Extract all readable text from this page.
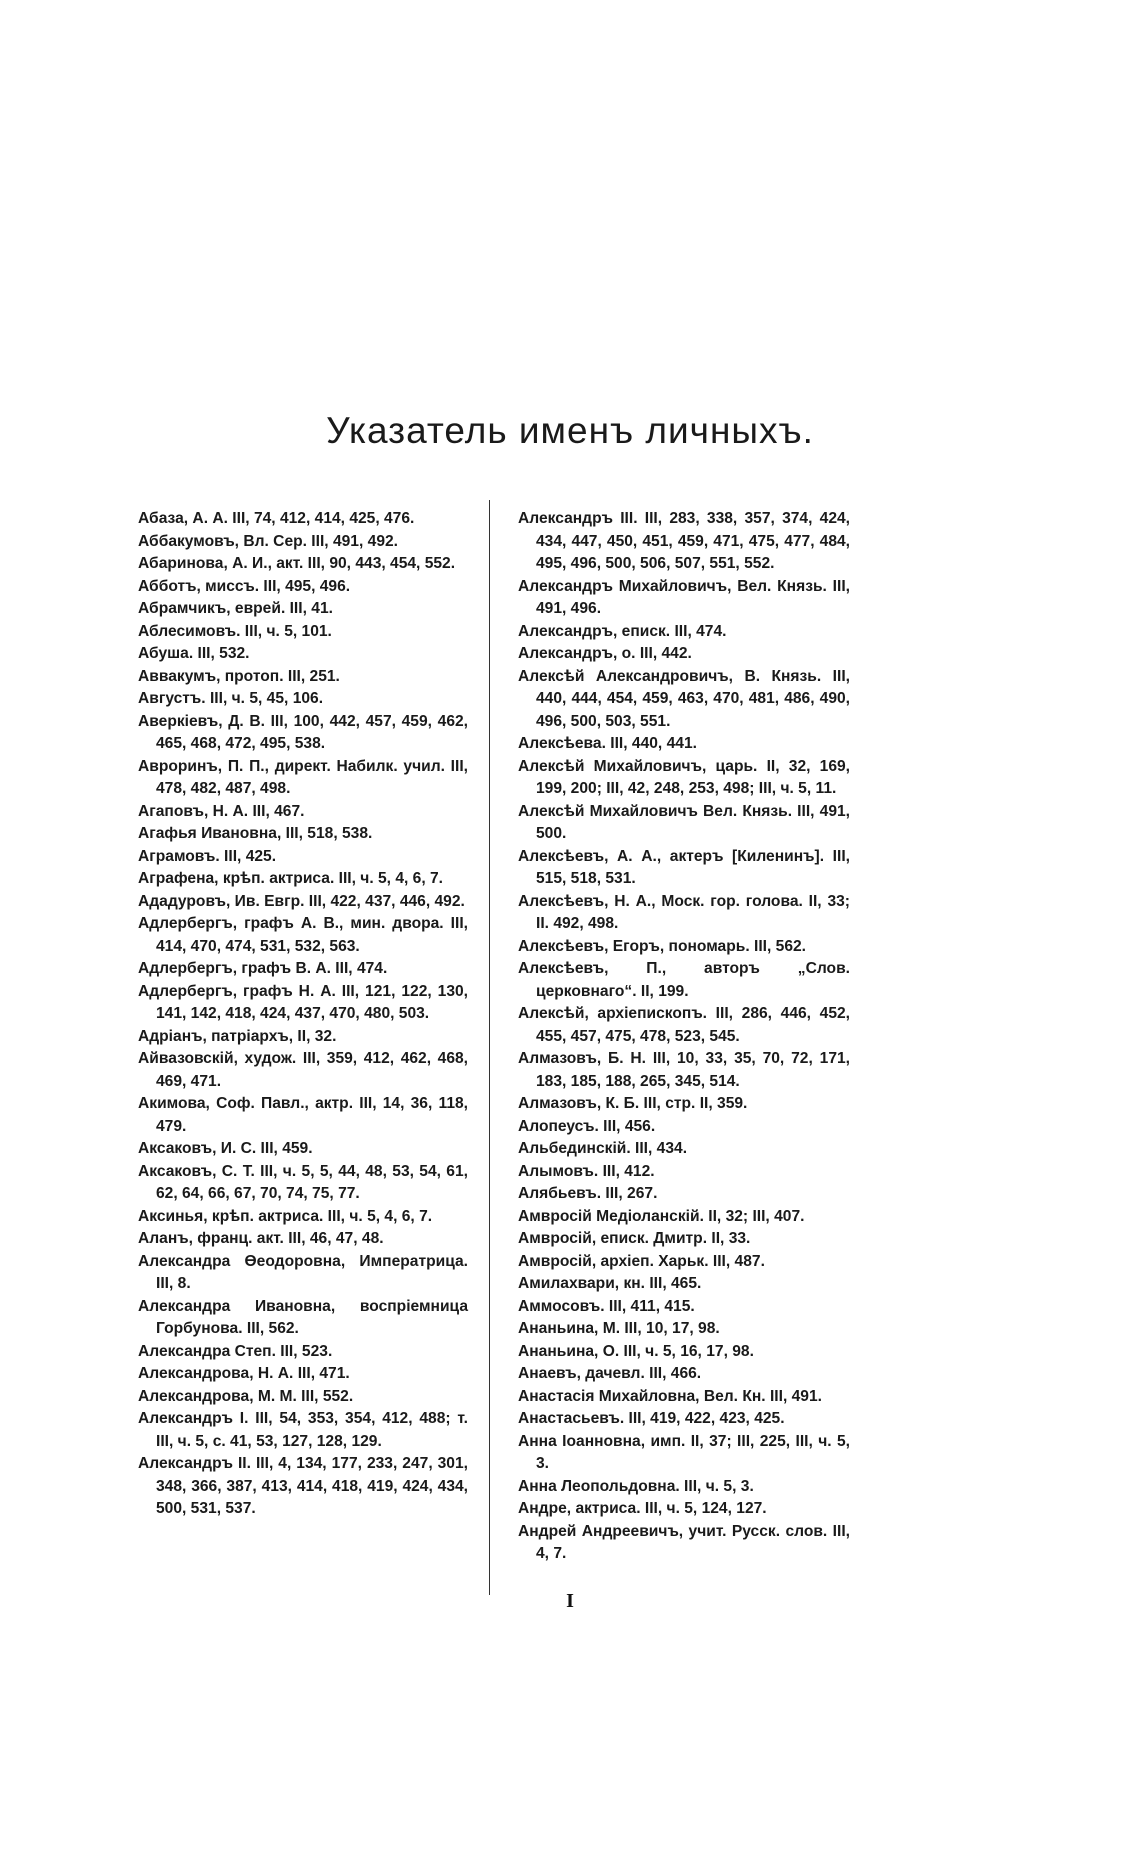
Указатель именъ личныхъ.

Абаза, А. А. III, 74, 412, 414, 425, 476.

Аббакумовъ, Вл. Сер. III, 491, 492.

Абаринова, А. И., акт. III, 90, 443, 454, 552.

Абботъ, миссъ. III, 495, 496.

Абрамчикъ, еврей. III, 41.

Аблесимовъ. III, ч. 5, 101.

Абуша. III, 532.

Аввакумъ, протоп. III, 251.

Августъ. III, ч. 5, 45, 106.

Аверкіевъ, Д. В. III, 100, 442, 457, 459, 462, 465, 468, 472, 495, 538.

Авроринъ, П. П., директ. Набилк. учил. III, 478, 482, 487, 498.

Агаповъ, Н. А. III, 467.

Агафья Ивановна, III, 518, 538.

Аграмовъ. III, 425.

Аграфена, крѣп. актриса. III, ч. 5, 4, 6, 7.

Ададуровъ, Ив. Евгр. III, 422, 437, 446, 492.

Адлербергъ, графъ А. В., мин. двора. III, 414, 470, 474, 531, 532, 563.

Адлербергъ, графъ В. А. III, 474.

Адлербергъ, графъ Н. А. III, 121, 122, 130, 141, 142, 418, 424, 437, 470, 480, 503.

Адріанъ, патріархъ, II, 32.

Айвазовскій, худож. III, 359, 412, 462, 468, 469, 471.

Акимова, Соф. Павл., актр. III, 14, 36, 118, 479.

Аксаковъ, И. С. III, 459.

Аксаковъ, С. Т. III, ч. 5, 5, 44, 48, 53, 54, 61, 62, 64, 66, 67, 70, 74, 75, 77.

Аксинья, крѣп. актриса. III, ч. 5, 4, 6, 7.

Аланъ, франц. акт. III, 46, 47, 48.

Александра Өеодоровна, Императрица. III, 8.

Александра Ивановна, воспріемница Горбунова. III, 562.

Александра Степ. III, 523.

Александрова, Н. А. III, 471.

Александрова, М. М. III, 552.

Александръ I. III, 54, 353, 354, 412, 488; т. III, ч. 5, с. 41, 53, 127, 128, 129.

Александръ II. III, 4, 134, 177, 233, 247, 301, 348, 366, 387, 413, 414, 418, 419, 424, 434, 500, 531, 537.

Александръ III. III, 283, 338, 357, 374, 424, 434, 447, 450, 451, 459, 471, 475, 477, 484, 495, 496, 500, 506, 507, 551, 552.

Александръ Михайловичъ, Вел. Князь. III, 491, 496.

Александръ, еписк. III, 474.

Александръ, о. III, 442.

Алексѣй Александровичъ, В. Князь. III, 440, 444, 454, 459, 463, 470, 481, 486, 490, 496, 500, 503, 551.

Алексѣева. III, 440, 441.

Алексѣй Михайловичъ, царь. II, 32, 169, 199, 200; III, 42, 248, 253, 498; III, ч. 5, 11.

Алексѣй Михайловичъ Вел. Князь. III, 491, 500.

Алексѣевъ, А. А., актеръ [Киленинъ]. III, 515, 518, 531.

Алексѣевъ, Н. А., Моск. гор. голова. II, 33; II. 492, 498.

Алексѣевъ, Егоръ, пономарь. III, 562.

Алексѣевъ, П., авторъ „Слов. церковнаго“. II, 199.

Алексѣй, архіепископъ. III, 286, 446, 452, 455, 457, 475, 478, 523, 545.

Алмазовъ, Б. Н. III, 10, 33, 35, 70, 72, 171, 183, 185, 188, 265, 345, 514.

Алмазовъ, К. Б. III, стр. II, 359.

Алопеусъ. III, 456.

Альбединскій. III, 434.

Алымовъ. III, 412.

Алябьевъ. III, 267.

Амвросій Медіоланскій. II, 32; III, 407.

Амвросій, еписк. Дмитр. II, 33.

Амвросій, архіеп. Харьк. III, 487.

Амилахвари, кн. III, 465.

Аммосовъ. III, 411, 415.

Ананьина, М. III, 10, 17, 98.

Ананьина, О. III, ч. 5, 16, 17, 98.

Анаевъ, дачевл. III, 466.

Анастасія Михайловна, Вел. Кн. III, 491.

Анастасьевъ. III, 419, 422, 423, 425.

Анна Іоанновна, имп. II, 37; III, 225, III, ч. 5, 3.

Анна Леопольдовна. III, ч. 5, 3.

Андре, актриса. III, ч. 5, 124, 127.

Андрей Андреевичъ, учит. Русск. слов. III, 4, 7.

I
